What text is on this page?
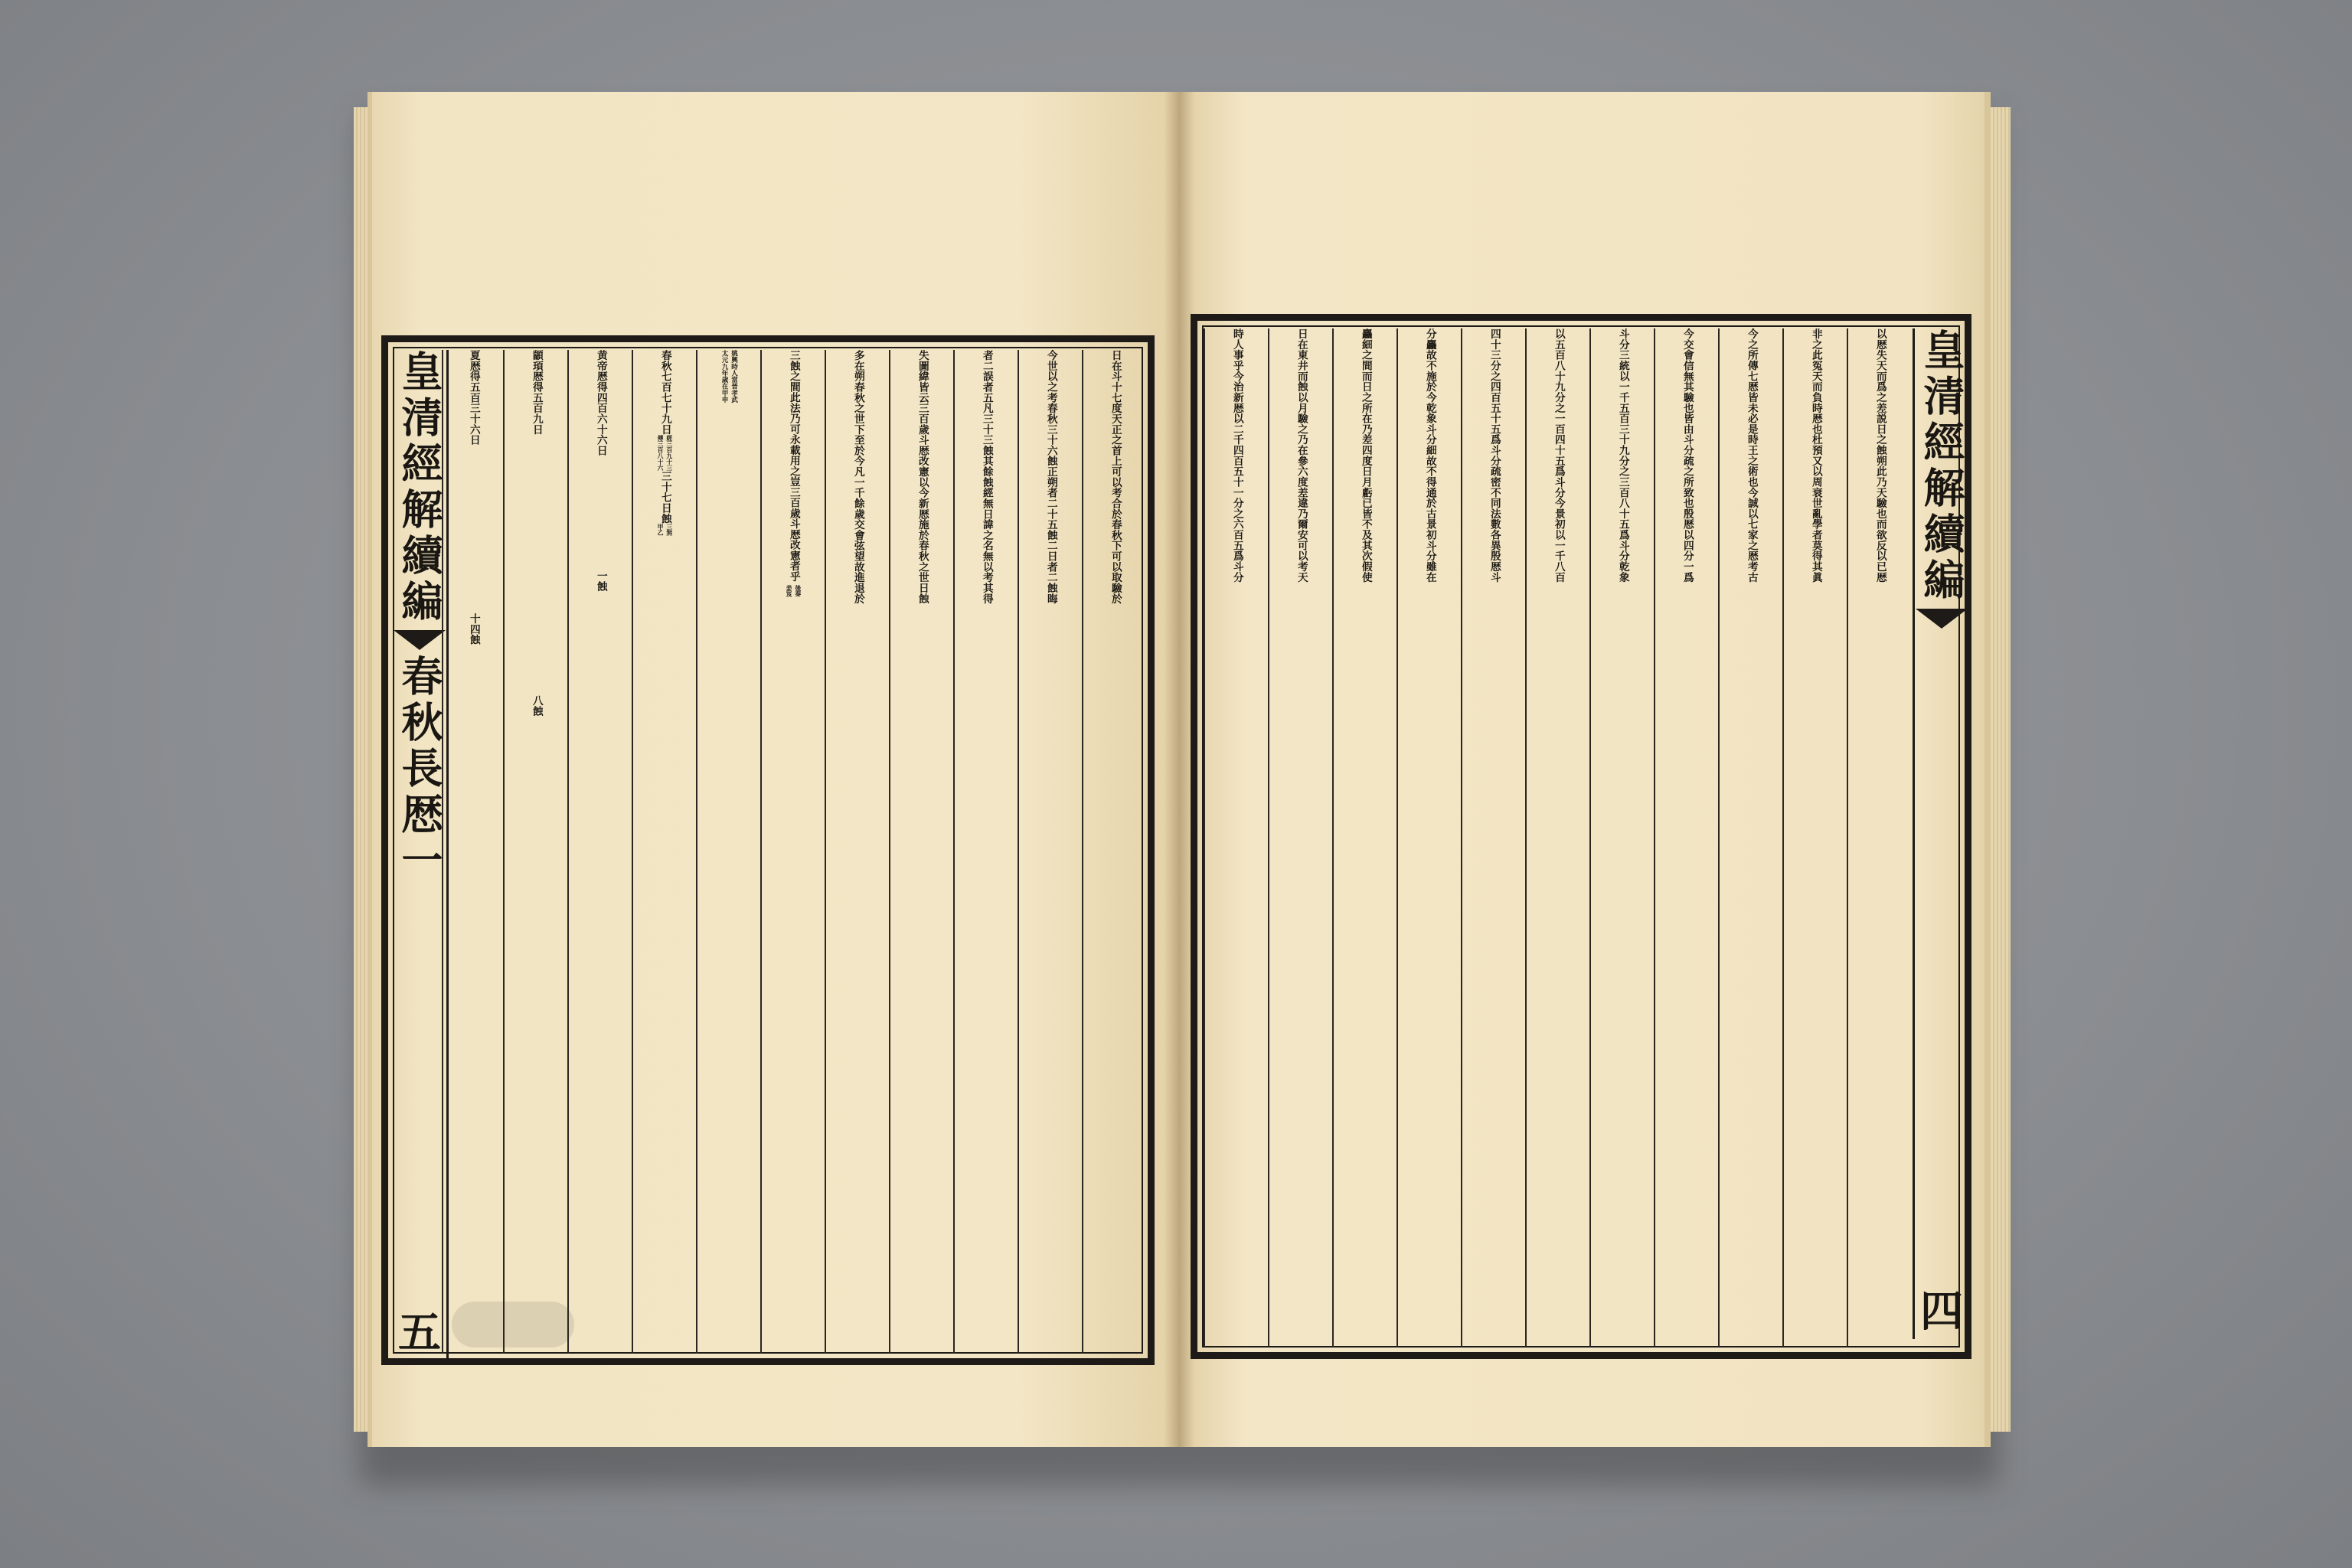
皇清經解續編
春秋長厯一
五
日在斗十七度天正之首上可以考合於春秋下可以取驗於
今世以之考春秋三十六蝕正朔者二十五蝕二日者二蝕晦
者二誤者五凡三十三蝕其餘蝕經無日諱之名無以考其得
失圖緯皆云三百歲斗厯改憲以今新厯施於春秋之世日蝕
多在朔春秋之世下至於今凡一千餘歲交會弦望故進退於
三蝕之間此法乃可永載用之豈三百歲斗厯改憲者乎
後秦
姜岌
姚興時人當晉孝武
太元九年歲在甲申
春秋七百七十九日
經三百九十三
傳三百八十六
三十七日蝕
三無
甲乙
黄帝厯得四百六十六日
一蝕
顓頊厯得五百九日
八蝕
夏厯得五百三十六日
十四蝕
皇清經解續編
四
以厯失天而爲之差説日之蝕朔此乃天驗也而欲反以已厯
非之此冤天而負時厯也杜預又以周衰世亂學者莫得其眞
今之所傳七厯皆未必是時王之術也今誠以七家之厯考古
今交會信無其驗也皆由斗分疏之所致也殷厯以四分一爲
斗分三統以一千五百三十九分之三百八十五爲斗分乾象
以五百八十九分之一百四十五爲斗分今景初以一千八百
四十三分之四百五十五爲斗分疏密不同法數各異殷厯斗
分麤故不施於今乾象斗分細故不得通於古景初斗分雖在
麤細之間而日之所在乃差四度日月虧已皆不及其次假使
日在東井而蝕以月驗之乃在參六度差違乃爾安可以考天
時人事乎今治新厯以二千四百五十一分之六百五爲斗分
